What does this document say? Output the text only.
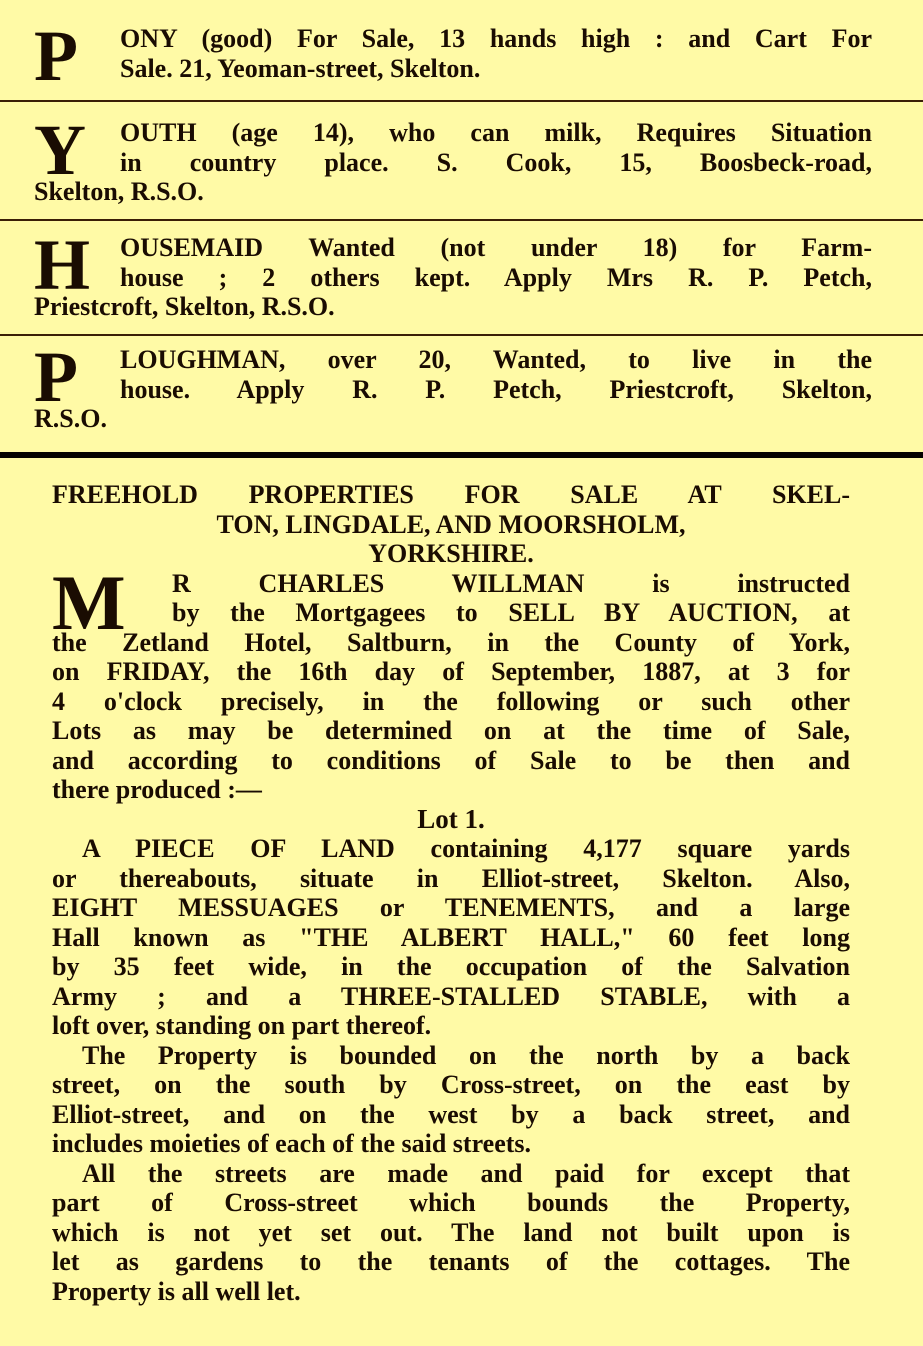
P	ONY (good) For Sale, 13 hands high : and Cart For
Sale. 21, Yeoman-street, Skelton.
Y	OUTH (age 14), who can milk, Requires Situation
in country place. S. Cook, 15, Boosbeck-road,
Skelton, R.S.O.
H	OUSEMAID Wanted (not under 18) for Farm-
house ; 2 others kept. Apply Mrs R. P. Petch,
Priestcroft, Skelton, R.S.O.
P	LOUGHMAN, over 20, Wanted, to live in the
house. Apply R. P. Petch, Priestcroft, Skelton,
R.S.O.
FREEHOLD PROPERTIES FOR SALE AT SKEL-
TON, LINGDALE, AND MOORSHOLM,
YORKSHIRE.
M	R CHARLES WILLMAN is instructed
by the Mortgagees to SELL BY AUCTION, at
the Zetland Hotel, Saltburn, in the County of York,
on FRIDAY, the 16th day of September, 1887, at 3 for
4 o'clock precisely, in the following or such other
Lots as may be determined on at the time of Sale,
and according to conditions of Sale to be then and
there produced :—
Lot 1.
A PIECE OF LAND containing 4,177 square yards
or thereabouts, situate in Elliot-street, Skelton. Also,
EIGHT MESSUAGES or TENEMENTS, and a large
Hall known as "THE ALBERT HALL," 60 feet long
by 35 feet wide, in the occupation of the Salvation
Army ; and a THREE-STALLED STABLE, with a
loft over, standing on part thereof.
The Property is bounded on the north by a back
street, on the south by Cross-street, on the east by
Elliot-street, and on the west by a back street, and
includes moieties of each of the said streets.
All the streets are made and paid for except that
part of Cross-street which bounds the Property,
which is not yet set out. The land not built upon is
let as gardens to the tenants of the cottages. The
Property is all well let.
